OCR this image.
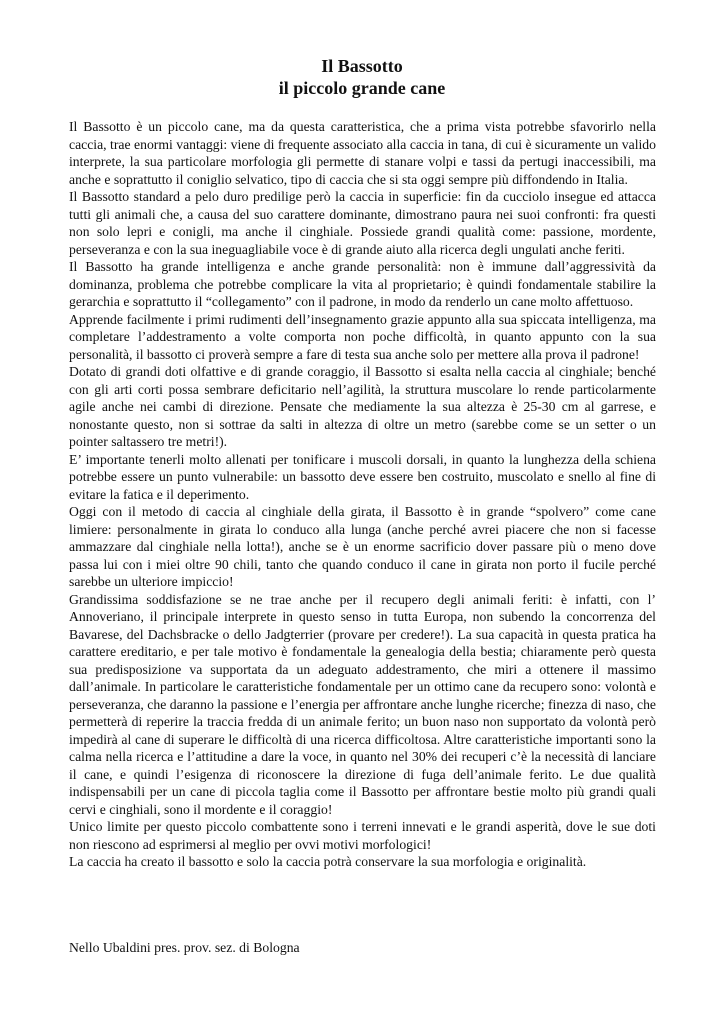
Il Bassotto

il piccolo grande cane

Il Bassotto è un piccolo cane, ma da questa caratteristica, che a prima vista potrebbe sfavorirlo nella caccia, trae enormi vantaggi: viene di frequente associato alla caccia in tana, di cui è sicuramente un valido interprete, la sua particolare morfologia gli permette di stanare volpi e tassi da pertugi inaccessibili, ma anche e soprattutto il coniglio selvatico, tipo di caccia che si sta oggi sempre più diffondendo in Italia.

Il Bassotto standard a pelo duro predilige però la caccia in superficie: fin da cucciolo insegue ed attacca tutti gli animali che, a causa del suo carattere dominante, dimostrano paura nei suoi confronti: fra questi non solo lepri e conigli, ma anche il cinghiale. Possiede grandi qualità come: passione, mordente, perseveranza e con la sua ineguagliabile voce è di grande aiuto alla ricerca degli ungulati anche feriti.

Il Bassotto ha grande intelligenza e anche grande personalità: non è immune dall’aggressività da dominanza, problema che potrebbe complicare la vita al proprietario; è quindi fondamentale stabilire la gerarchia e soprattutto il “collegamento” con il padrone, in modo da renderlo un cane molto affettuoso.

Apprende facilmente i primi rudimenti dell’insegnamento grazie appunto alla sua spiccata intelligenza, ma completare l’addestramento a volte comporta non poche difficoltà, in quanto appunto con la sua personalità, il bassotto ci proverà sempre a fare di testa sua anche solo per mettere alla prova il padrone!

Dotato di grandi doti olfattive e di grande coraggio, il Bassotto si esalta nella caccia al cinghiale; benché con gli arti corti possa sembrare deficitario nell’agilità, la struttura muscolare lo rende particolarmente agile anche nei cambi di direzione. Pensate che mediamente la sua altezza è 25-30 cm al garrese, e nonostante questo, non si sottrae da salti in altezza di oltre un metro (sarebbe come se un setter o un pointer saltassero tre metri!).

E’ importante tenerli molto allenati per tonificare i muscoli dorsali, in quanto la lunghezza della schiena potrebbe essere un punto vulnerabile: un bassotto deve essere ben costruito, muscolato e snello al fine di evitare la fatica e il deperimento.

Oggi con il metodo di caccia al cinghiale della girata, il Bassotto è in grande “spolvero” come cane limiere: personalmente in girata lo conduco alla lunga (anche perché avrei piacere che non si facesse ammazzare dal cinghiale nella lotta!), anche se è un enorme sacrificio dover passare più o meno dove passa lui con i miei oltre 90 chili, tanto che quando conduco il cane in girata non porto il fucile perché sarebbe un ulteriore impiccio!

Grandissima soddisfazione se ne trae anche per il recupero degli animali feriti: è infatti, con l’ Annoveriano, il principale interprete in questo senso in tutta Europa, non subendo la concorrenza del Bavarese, del Dachsbracke o dello Jadgterrier (provare per credere!). La sua capacità in questa pratica ha carattere ereditario, e per tale motivo è fondamentale la genealogia della bestia; chiaramente però questa sua predisposizione va supportata da un adeguato addestramento, che miri a ottenere il massimo dall’animale. In particolare le caratteristiche fondamentale per un ottimo cane da recupero sono: volontà e perseveranza, che daranno la passione e l’energia per affrontare anche lunghe ricerche; finezza di naso, che permetterà di reperire la traccia fredda di un animale ferito; un buon naso non supportato da volontà però impedirà al cane di superare le difficoltà di una ricerca difficoltosa. Altre caratteristiche importanti sono la calma nella ricerca e l’attitudine a dare la voce, in quanto nel 30% dei recuperi c’è la necessità di lanciare il cane, e quindi l’esigenza di riconoscere la direzione di fuga dell’animale ferito. Le due qualità indispensabili per un cane di piccola taglia come il Bassotto per affrontare bestie molto più grandi quali cervi e cinghiali, sono il mordente e il coraggio!

Unico limite per questo piccolo combattente sono i terreni innevati e le grandi asperità, dove le sue doti non riescono ad esprimersi al meglio per ovvi motivi morfologici!

La caccia ha creato il bassotto e solo la caccia potrà conservare la sua morfologia e originalità.

Nello Ubaldini pres. prov. sez. di Bologna
